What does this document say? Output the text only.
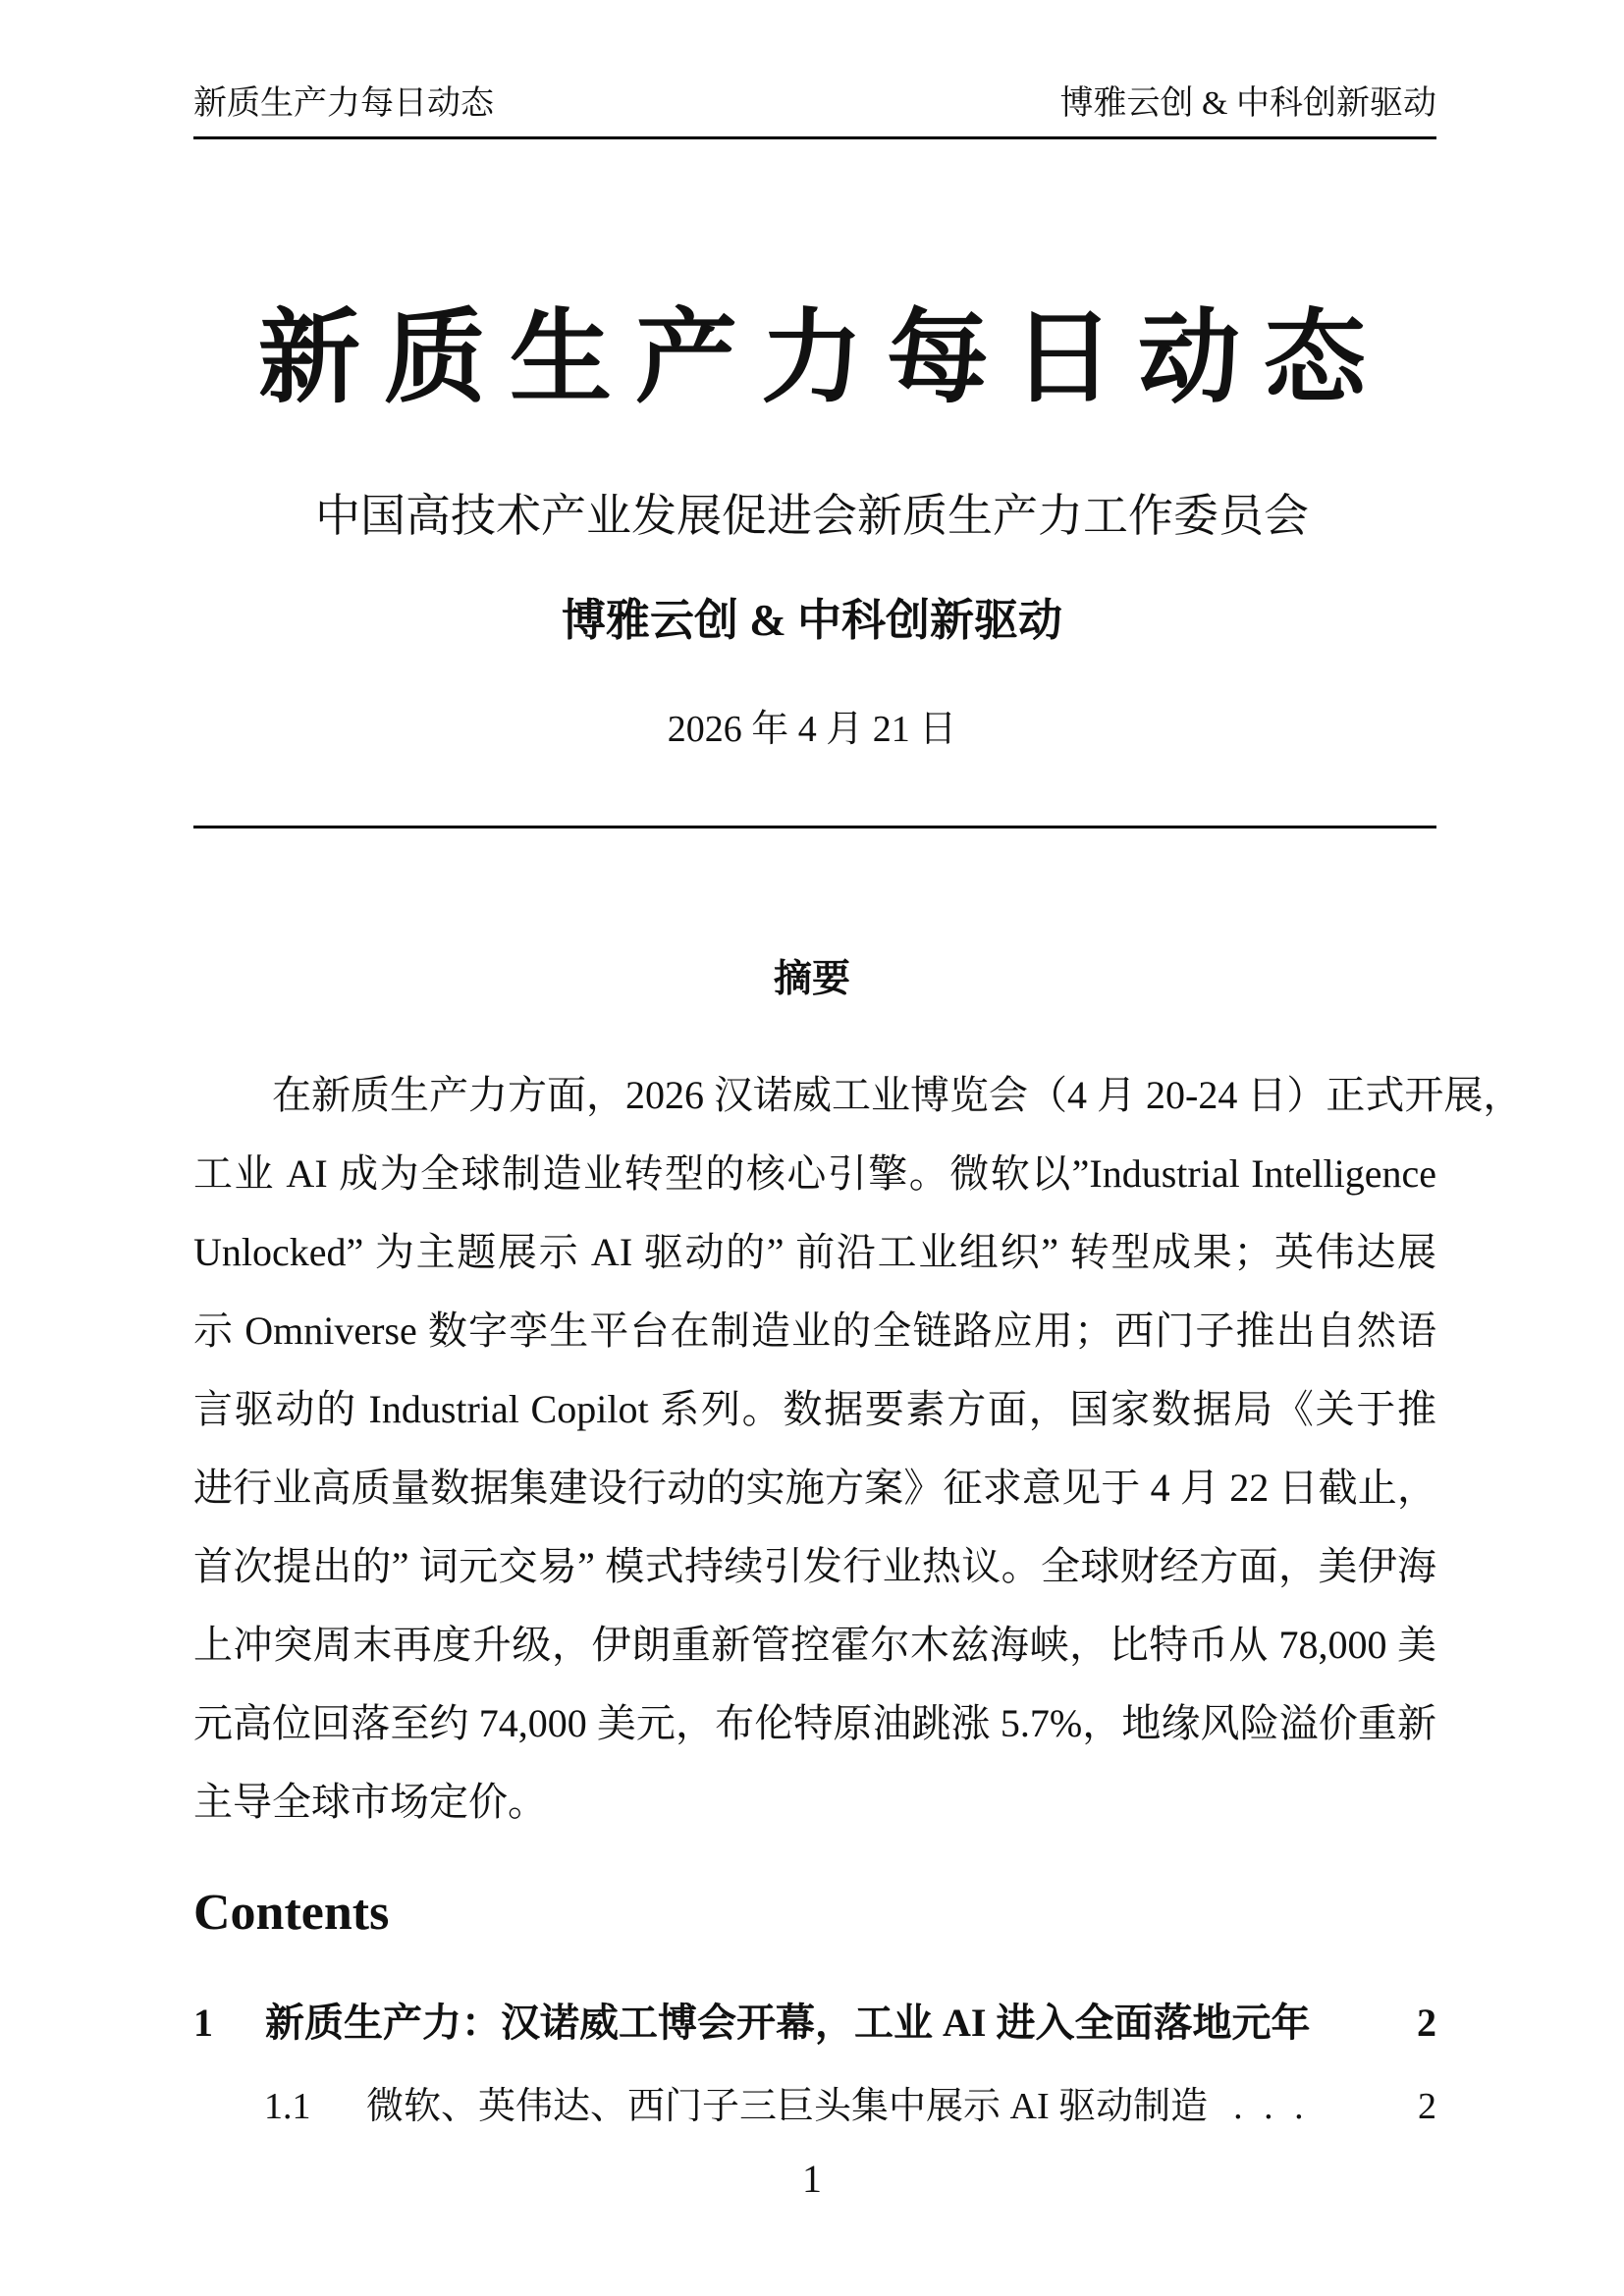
新质生产力每日动态	博雅云创 & 中科创新驱动
新质生产力每日动态
中国高技术产业发展促进会新质生产力工作委员会
博雅云创 & 中科创新驱动
2026 年 4 月 21 日
摘要
在新质生产力方面，2026 汉诺威工业博览会（4 月 20-24 日）正式开展，
工业 AI 成为全球制造业转型的核心引擎。微软以”Industrial Intelligence
Unlocked” 为主题展示 AI 驱动的” 前沿工业组织” 转型成果；英伟达展
示 Omniverse 数字孪生平台在制造业的全链路应用；西门子推出自然语
言驱动的 Industrial Copilot 系列。数据要素方面，国家数据局《关于推
进行业高质量数据集建设行动的实施方案》征求意见于 4 月 22 日截止，
首次提出的” 词元交易” 模式持续引发行业热议。全球财经方面，美伊海
上冲突周末再度升级，伊朗重新管控霍尔木兹海峡，比特币从 78,000 美
元高位回落至约 74,000 美元，布伦特原油跳涨 5.7%，地缘风险溢价重新
主导全球市场定价。
Contents
1	新质生产力：汉诺威工博会开幕，工业 AI 进入全面落地元年	2
1.1	微软、英伟达、西门子三巨头集中展示 AI 驱动制造 . . .	2
1
